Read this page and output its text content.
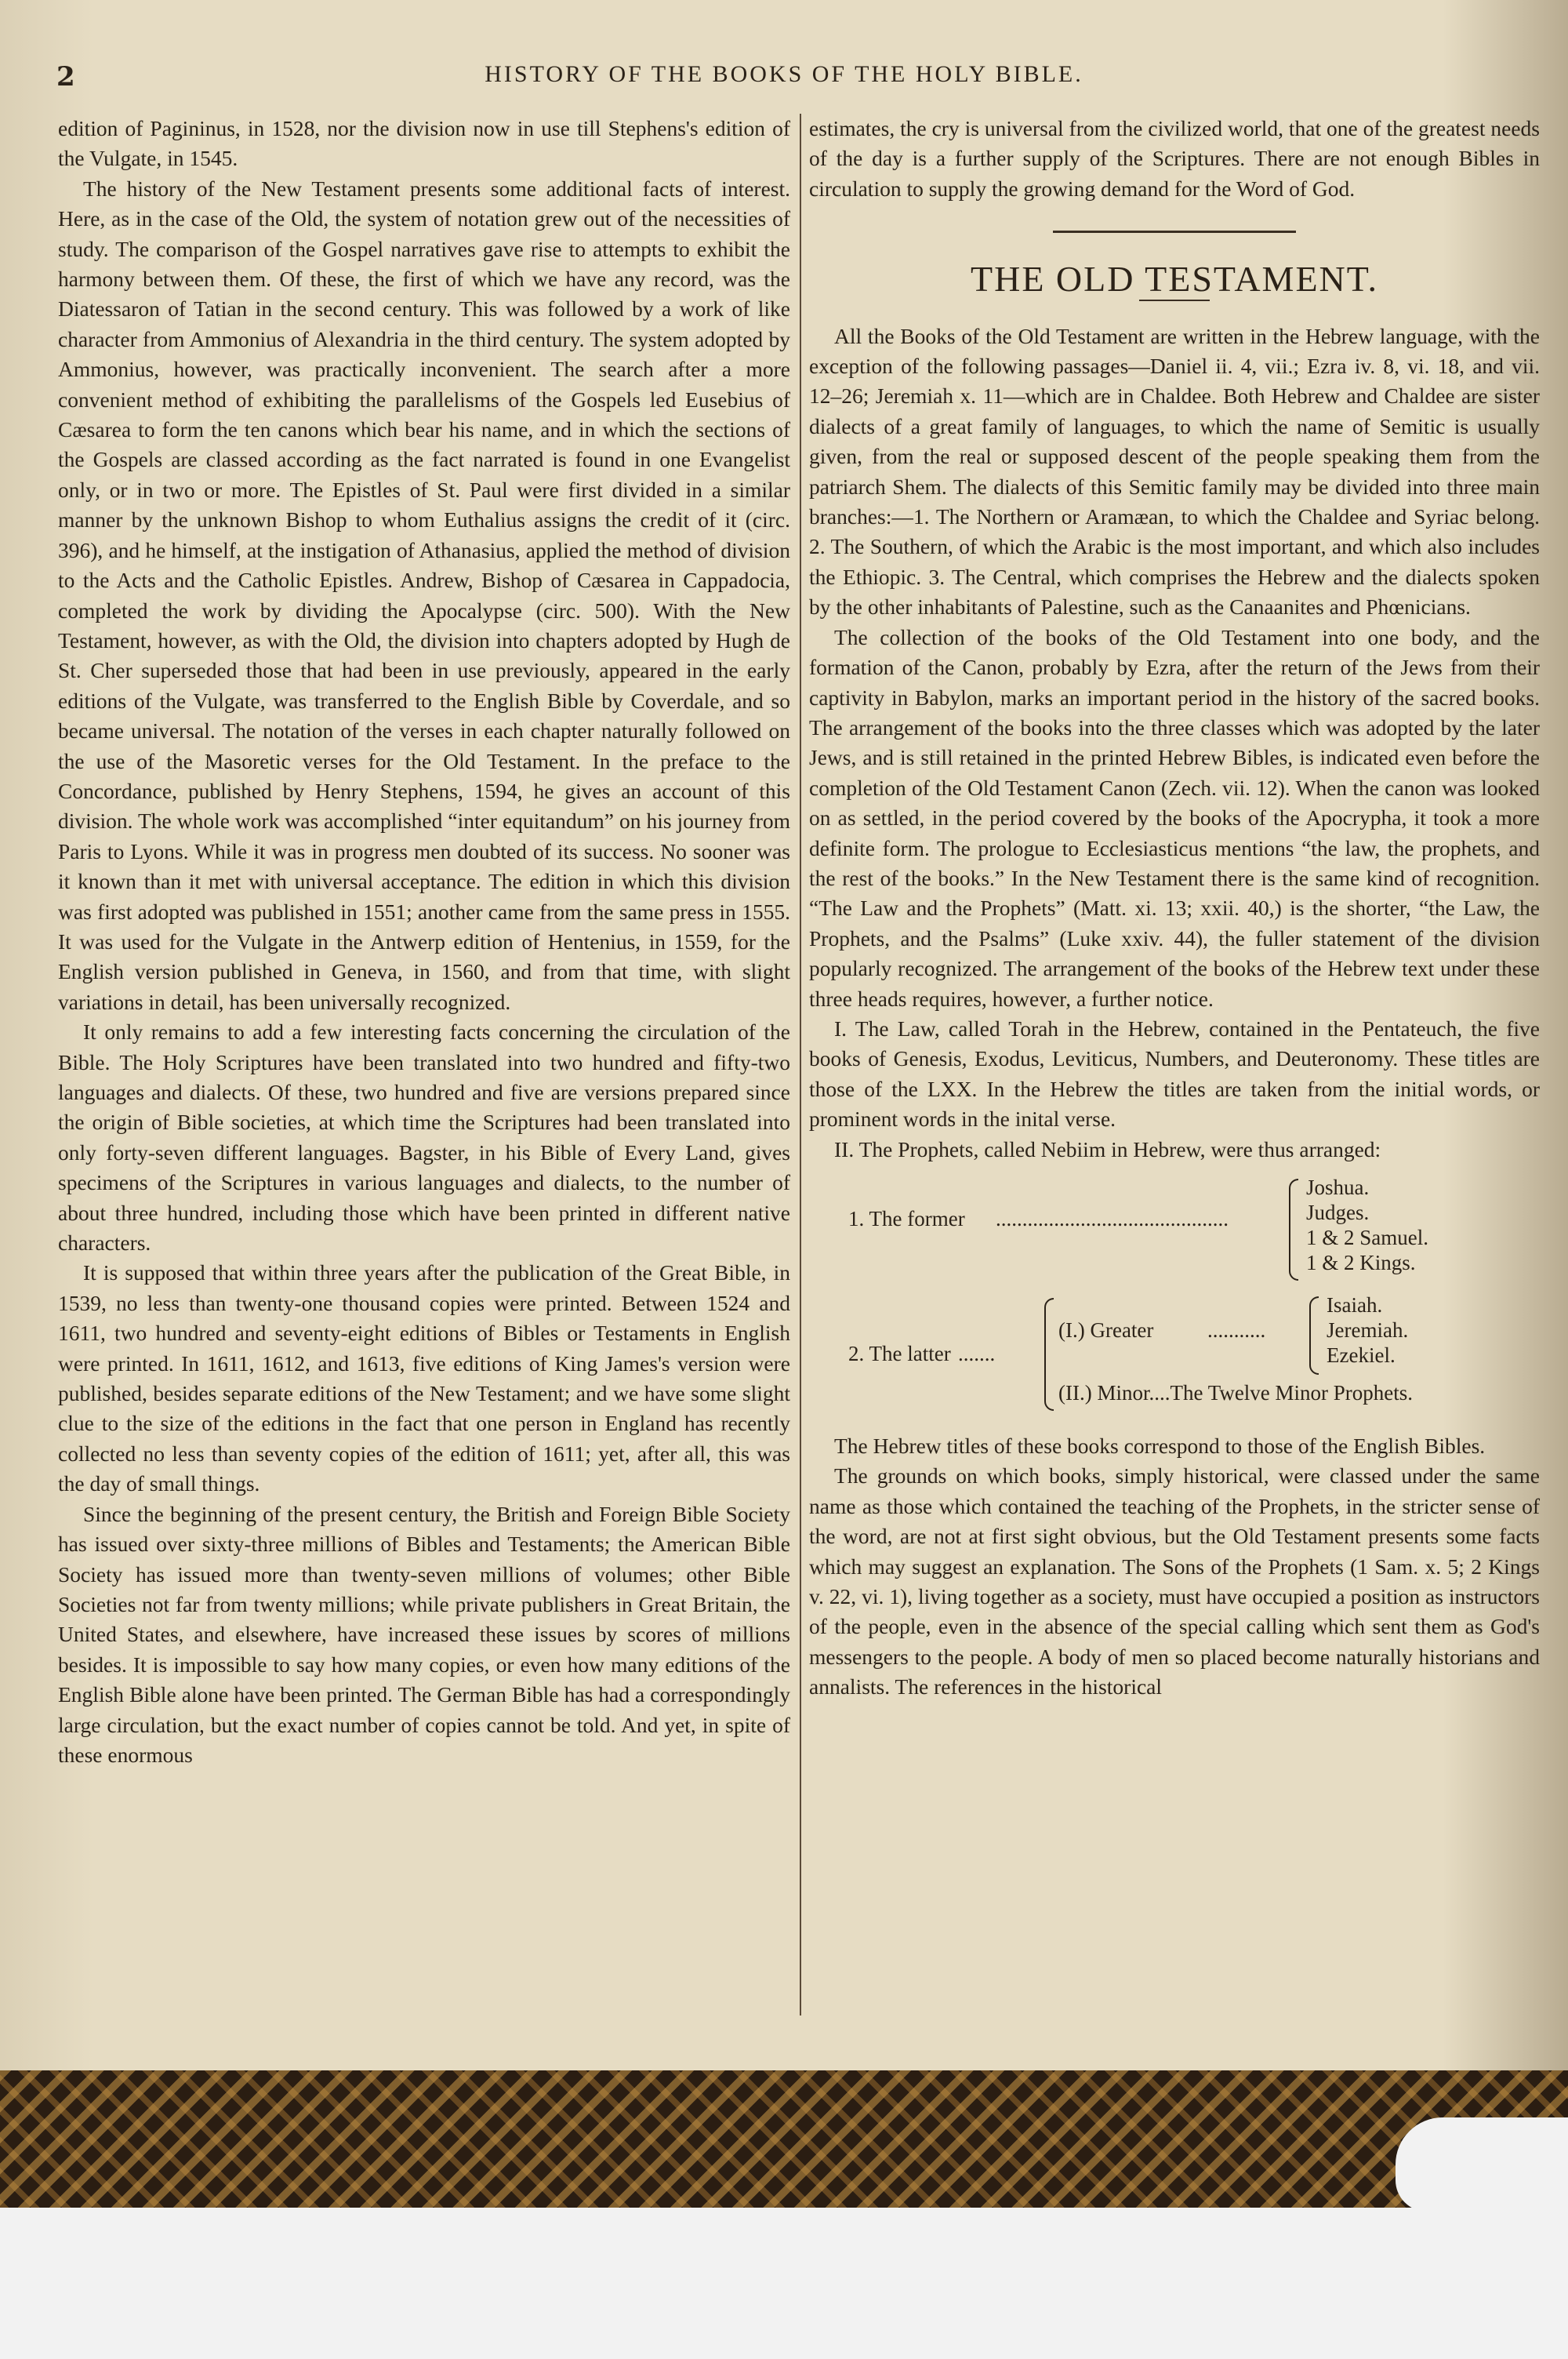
2	HISTORY OF THE BOOKS OF THE HOLY BIBLE.

edition of Pagininus, in 1528, nor the division now in use till Stephens's edition of the Vulgate, in 1545.

The history of the New Testament presents some additional facts of interest. Here, as in the case of the Old, the system of notation grew out of the necessities of study. The comparison of the Gospel narratives gave rise to attempts to exhibit the harmony between them. Of these, the first of which we have any record, was the Diatessaron of Tatian in the second century. This was followed by a work of like character from Ammonius of Alexandria in the third century. The system adopted by Ammonius, however, was practically inconvenient. The search after a more convenient method of exhibiting the parallelisms of the Gospels led Eusebius of Cæsarea to form the ten canons which bear his name, and in which the sections of the Gospels are classed according as the fact narrated is found in one Evangelist only, or in two or more. The Epistles of St. Paul were first divided in a similar manner by the unknown Bishop to whom Euthalius assigns the credit of it (circ. 396), and he himself, at the instigation of Athanasius, applied the method of division to the Acts and the Catholic Epistles. Andrew, Bishop of Cæsarea in Cappadocia, completed the work by dividing the Apocalypse (circ. 500). With the New Testament, however, as with the Old, the division into chapters adopted by Hugh de St. Cher superseded those that had been in use previously, appeared in the early editions of the Vulgate, was transferred to the English Bible by Coverdale, and so became universal. The notation of the verses in each chapter naturally followed on the use of the Masoretic verses for the Old Testament. In the preface to the Concordance, published by Henry Stephens, 1594, he gives an account of this division. The whole work was accomplished “inter equitandum” on his journey from Paris to Lyons. While it was in progress men doubted of its success. No sooner was it known than it met with universal acceptance. The edition in which this division was first adopted was published in 1551; another came from the same press in 1555. It was used for the Vulgate in the Antwerp edition of Hentenius, in 1559, for the English version published in Geneva, in 1560, and from that time, with slight variations in detail, has been universally recognized.

It only remains to add a few interesting facts concerning the circulation of the Bible. The Holy Scriptures have been translated into two hundred and fifty-two languages and dialects. Of these, two hundred and five are versions prepared since the origin of Bible societies, at which time the Scriptures had been translated into only forty-seven different languages. Bagster, in his Bible of Every Land, gives specimens of the Scriptures in various languages and dialects, to the number of about three hundred, including those which have been printed in different native characters.

It is supposed that within three years after the publication of the Great Bible, in 1539, no less than twenty-one thousand copies were printed. Between 1524 and 1611, two hundred and seventy-eight editions of Bibles or Testaments in English were printed. In 1611, 1612, and 1613, five editions of King James's version were published, besides separate editions of the New Testament; and we have some slight clue to the size of the editions in the fact that one person in England has recently collected no less than seventy copies of the edition of 1611; yet, after all, this was the day of small things.

Since the beginning of the present century, the British and Foreign Bible Society has issued over sixty-three millions of Bibles and Testaments; the American Bible Society has issued more than twenty-seven millions of volumes; other Bible Societies not far from twenty millions; while private publishers in Great Britain, the United States, and elsewhere, have increased these issues by scores of millions besides. It is impossible to say how many copies, or even how many editions of the English Bible alone have been printed. The German Bible has had a correspondingly large circulation, but the exact number of copies cannot be told. And yet, in spite of these enormous

estimates, the cry is universal from the civilized world, that one of the greatest needs of the day is a further supply of the Scriptures. There are not enough Bibles in circulation to supply the growing demand for the Word of God.

THE OLD TESTAMENT.

All the Books of the Old Testament are written in the Hebrew language, with the exception of the following passages—Daniel ii. 4, vii.; Ezra iv. 8, vi. 18, and vii. 12–26; Jeremiah x. 11—which are in Chaldee. Both Hebrew and Chaldee are sister dialects of a great family of languages, to which the name of Semitic is usually given, from the real or supposed descent of the people speaking them from the patriarch Shem. The dialects of this Semitic family may be divided into three main branches:—1. The Northern or Aramæan, to which the Chaldee and Syriac belong. 2. The Southern, of which the Arabic is the most important, and which also includes the Ethiopic. 3. The Central, which comprises the Hebrew and the dialects spoken by the other inhabitants of Palestine, such as the Canaanites and Phœnicians.

The collection of the books of the Old Testament into one body, and the formation of the Canon, probably by Ezra, after the return of the Jews from their captivity in Babylon, marks an important period in the history of the sacred books. The arrangement of the books into the three classes which was adopted by the later Jews, and is still retained in the printed Hebrew Bibles, is indicated even before the completion of the Old Testament Canon (Zech. vii. 12). When the canon was looked on as settled, in the period covered by the books of the Apocrypha, it took a more definite form. The prologue to Ecclesiasticus mentions “the law, the prophets, and the rest of the books.” In the New Testament there is the same kind of recognition. “The Law and the Prophets” (Matt. xi. 13; xxii. 40,) is the shorter, “the Law, the Prophets, and the Psalms” (Luke xxiv. 44), the fuller statement of the division popularly recognized. The arrangement of the books of the Hebrew text under these three heads requires, however, a further notice.

I. The Law, called Torah in the Hebrew, contained in the Pentateuch, the five books of Genesis, Exodus, Leviticus, Numbers, and Deuteronomy. These titles are those of the LXX. In the Hebrew the titles are taken from the initial words, or prominent words in the inital verse.

II. The Prophets, called Nebiim in Hebrew, were thus arranged:

1. The former ............................................
Joshua.
Judges.
1 & 2 Samuel.
1 & 2 Kings.
2. The latter .......
(I.) Greater	...........
Isaiah.
Jeremiah.
Ezekiel.
(II.) Minor....The Twelve Minor Prophets.

The Hebrew titles of these books correspond to those of the English Bibles.

The grounds on which books, simply historical, were classed under the same name as those which contained the teaching of the Prophets, in the stricter sense of the word, are not at first sight obvious, but the Old Testament presents some facts which may suggest an explanation. The Sons of the Prophets (1 Sam. x. 5; 2 Kings v. 22, vi. 1), living together as a society, must have occupied a position as instructors of the people, even in the absence of the special calling which sent them as God's messengers to the people. A body of men so placed become naturally historians and annalists. The references in the historical
